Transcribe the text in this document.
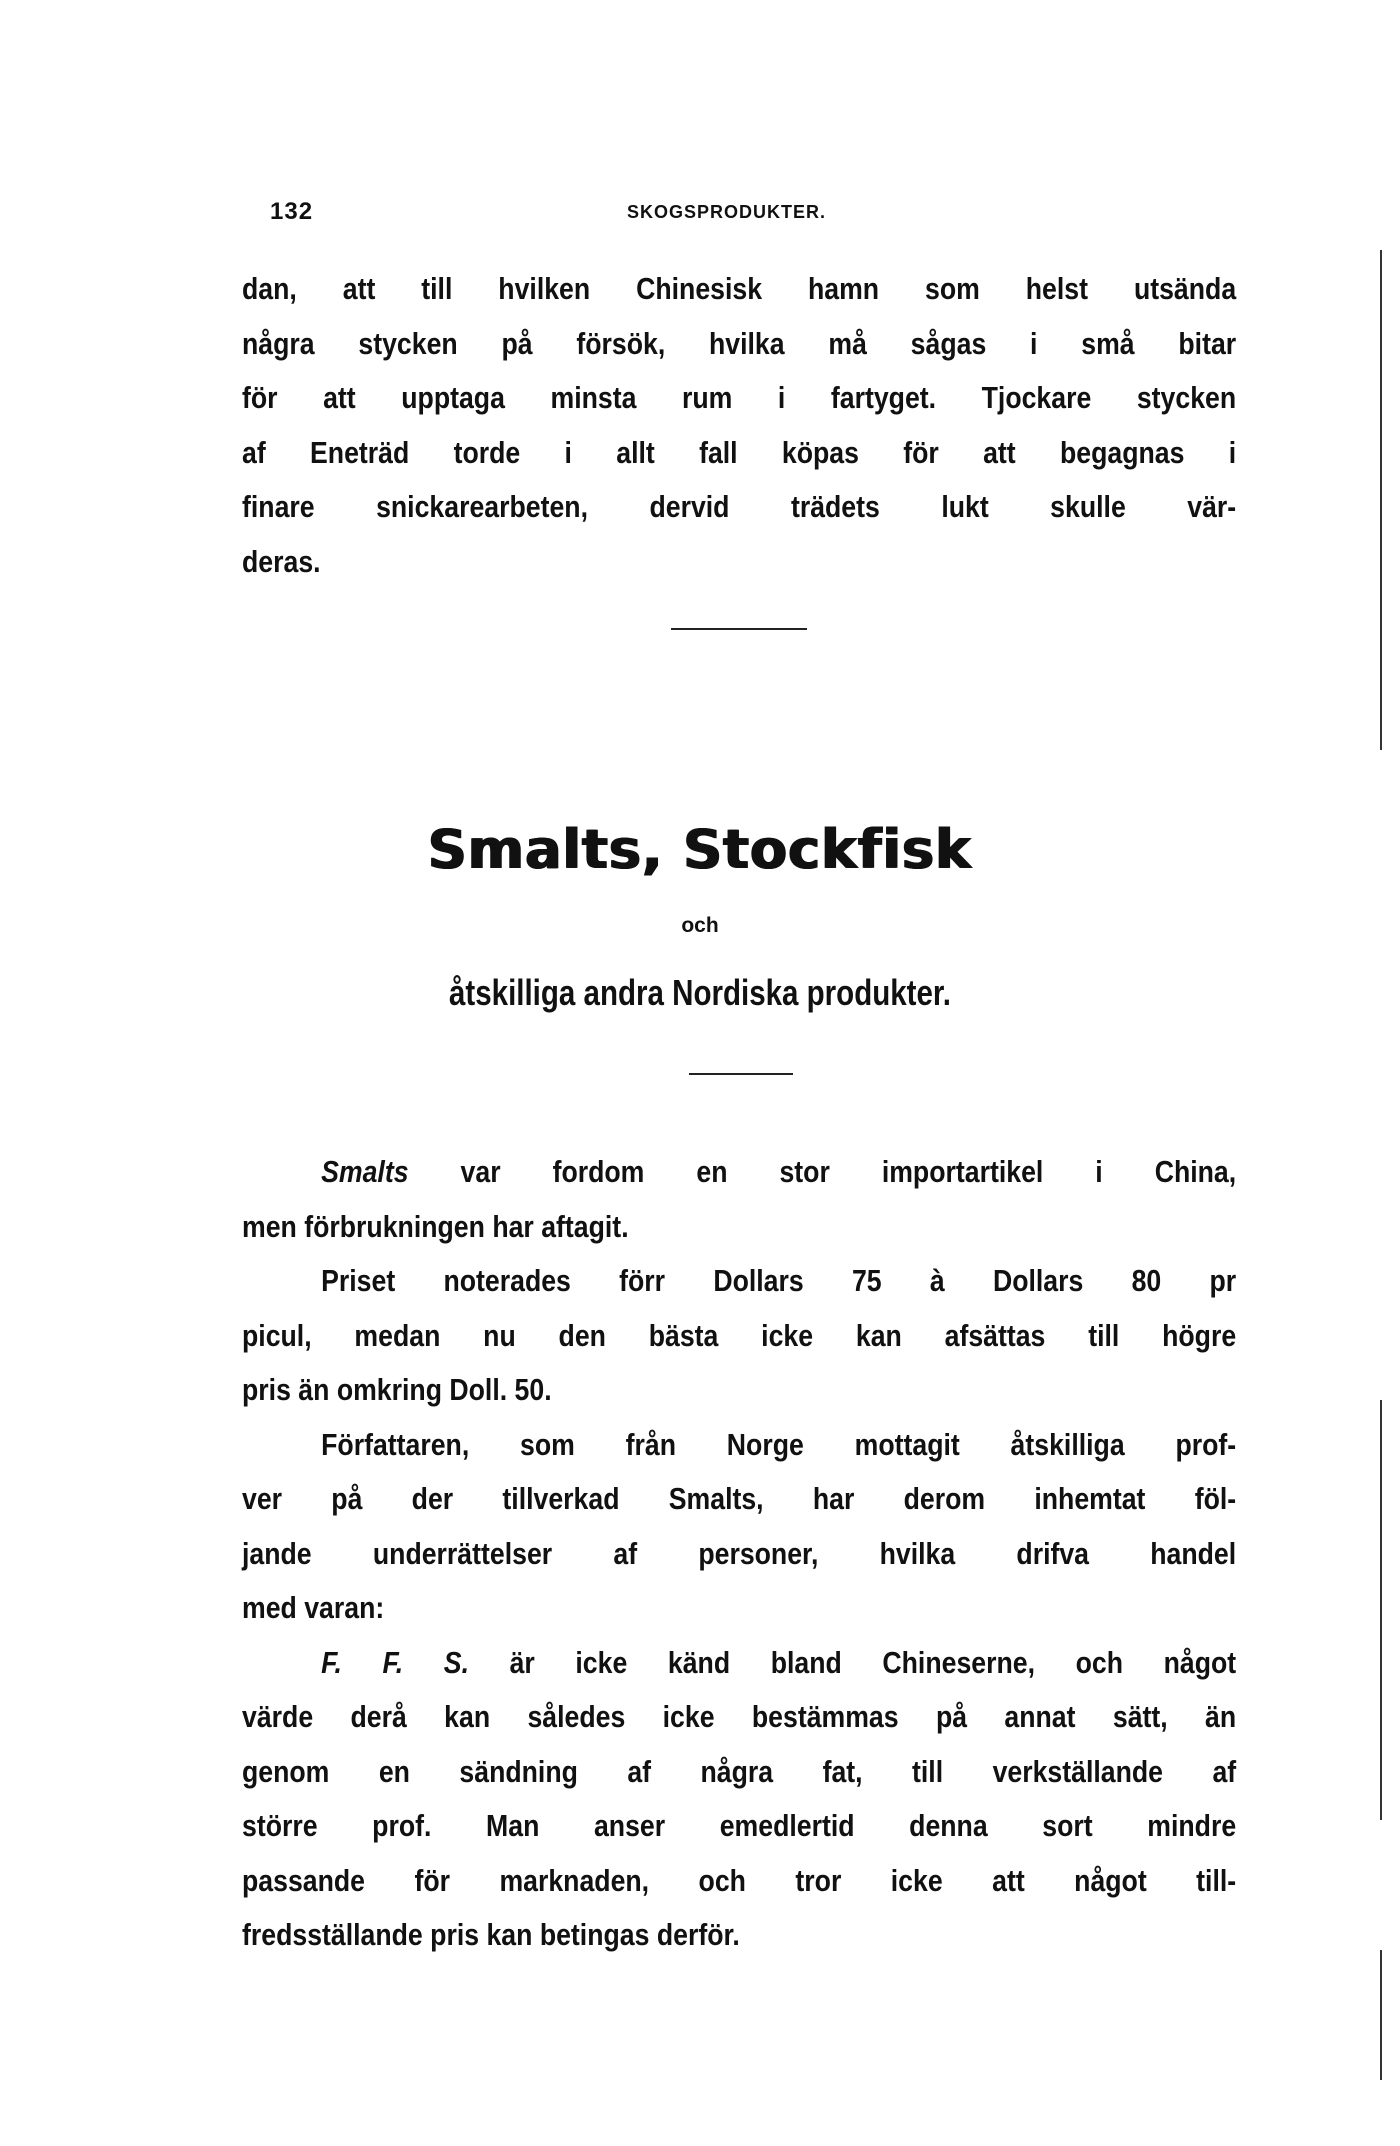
132	SKOGSPRODUKTER.
dan, att till hvilken Chinesisk hamn som helst utsända
några stycken på försök, hvilka må sågas i små bitar
för att upptaga minsta rum i fartyget. Tjockare stycken
af Eneträd torde i allt fall köpas för att begagnas i
finare snickarearbeten, dervid trädets lukt skulle vär-
deras.
Smalts, Stockfisk
och
åtskilliga andra Nordiska produkter.
Smalts var fordom en stor importartikel i China,
men förbrukningen har aftagit.
Priset noterades förr Dollars 75 à Dollars 80 pr
picul, medan nu den bästa icke kan afsättas till högre
pris än omkring Doll. 50.
Författaren, som från Norge mottagit åtskilliga prof-
ver på der tillverkad Smalts, har derom inhemtat föl-
jande underrättelser af personer, hvilka drifva handel
med varan:
F. F. S. är icke känd bland Chineserne, och något
värde derå kan således icke bestämmas på annat sätt, än
genom en sändning af några fat, till verkställande af
större prof. Man anser emedlertid denna sort mindre
passande för marknaden, och tror icke att något till-
fredsställande pris kan betingas derför.
